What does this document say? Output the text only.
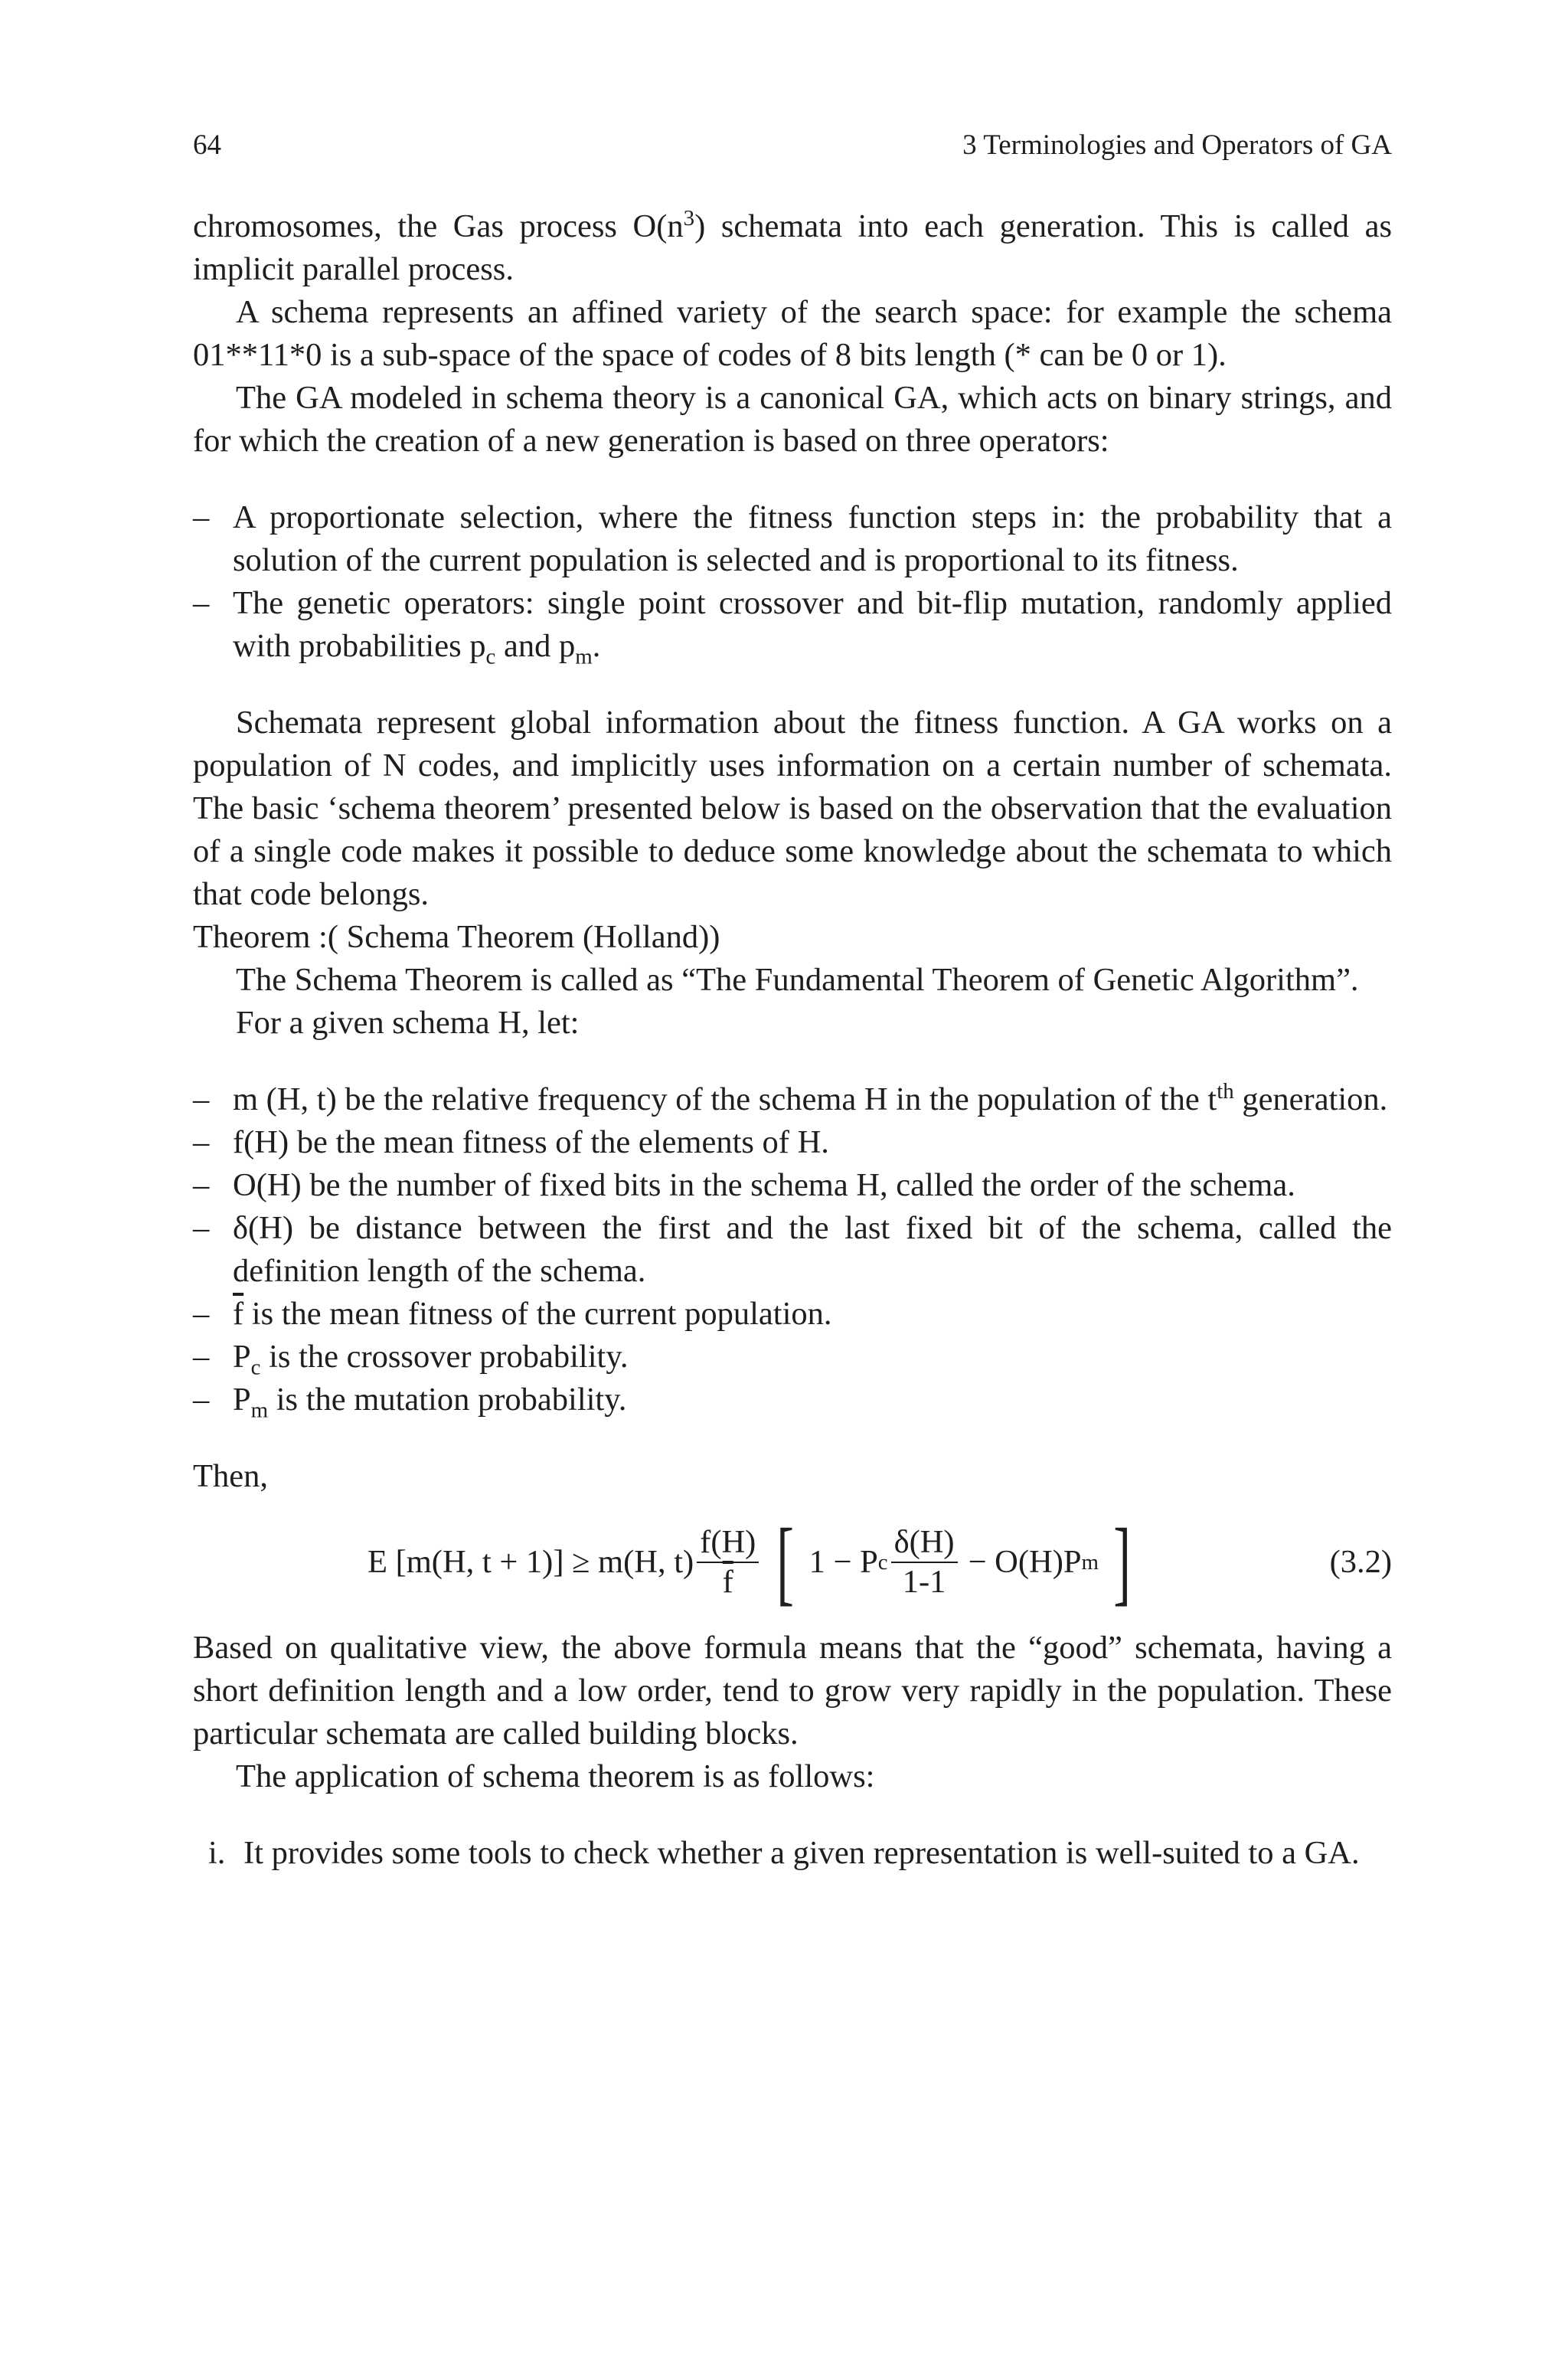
64	3 Terminologies and Operators of GA

chromosomes, the Gas process $O(n^3)$ schemata into each generation. This is called as implicit parallel process.

A schema represents an affined variety of the search space: for example the schema 01**11*0 is a sub-space of the space of codes of 8 bits length (* can be 0 or 1).

The GA modeled in schema theory is a canonical GA, which acts on binary strings, and for which the creation of a new generation is based on three operators:

– A proportionate selection, where the fitness function steps in: the probability that a solution of the current population is selected and is proportional to its fitness.
– The genetic operators: single point crossover and bit-flip mutation, randomly applied with probabilities $p_c$ and $p_m$.

Schemata represent global information about the fitness function. A GA works on a population of N codes, and implicitly uses information on a certain number of schemata. The basic ‘schema theorem’ presented below is based on the observation that the evaluation of a single code makes it possible to deduce some knowledge about the schemata to which that code belongs.

Theorem :( Schema Theorem (Holland))

The Schema Theorem is called as “The Fundamental Theorem of Genetic Algorithm”.

For a given schema H, let:

– m (H, t) be the relative frequency of the schema H in the population of the $t^{th}$ generation.
– f(H) be the mean fitness of the elements of H.
– O(H) be the number of fixed bits in the schema H, called the order of the schema.
– δ(H) be distance between the first and the last fixed bit of the schema, called the definition length of the schema.
– $\overline{f}$ is the mean fitness of the current population.
– $P_c$ is the crossover probability.
– $P_m$ is the mutation probability.

Then,

E [m(H, t + 1)] ≥ m(H, $t) \frac{f(H)}{f}$ [ 1 − P c $\frac{\delta(H)}{1-1} - O(H)P$ m ]	(3.2)

Based on qualitative view, the above formula means that the “good” schemata, having a short definition length and a low order, tend to grow very rapidly in the population. These particular schemata are called building blocks.

The application of schema theorem is as follows:

i. It provides some tools to check whether a given representation is well-suited to a GA.
